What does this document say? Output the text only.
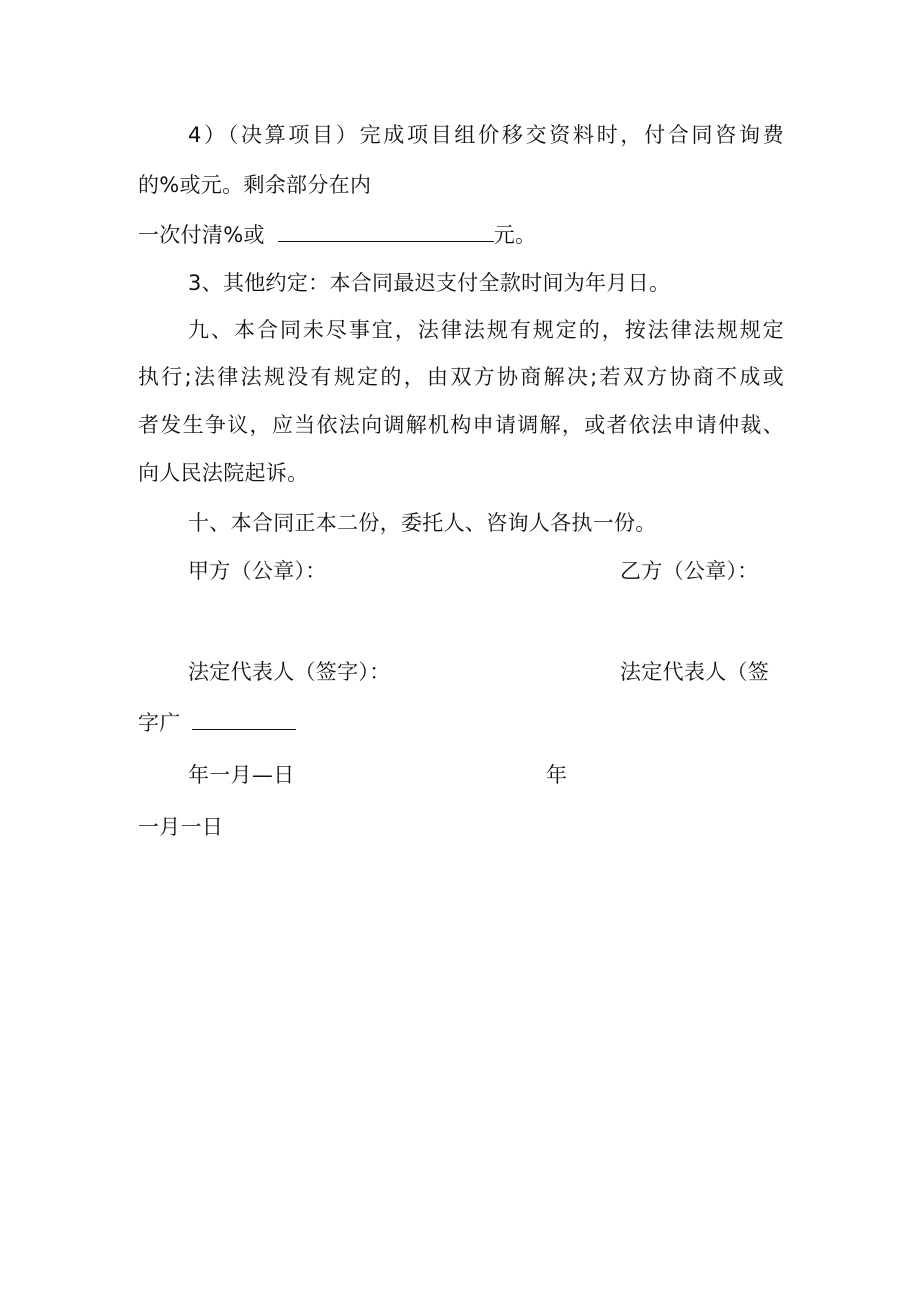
4）（决算项目）完成项目组价移交资料时，付合同咨询费
的%或元。剩余部分在内
一次付清%或	元。
3、其他约定：本合同最迟支付全款时间为年月日。
九、本合同未尽事宜，法律法规有规定的，按法律法规规定
执行;法律法规没有规定的，由双方协商解决;若双方协商不成或
者发生争议，应当依法向调解机构申请调解，或者依法申请仲裁、
向人民法院起诉。
十、本合同正本二份，委托人、咨询人各执一份。
甲方（公章）：	乙方（公章）：
法定代表人（签字）：	法定代表人（签
字广
年一月—日	年
一月一日
